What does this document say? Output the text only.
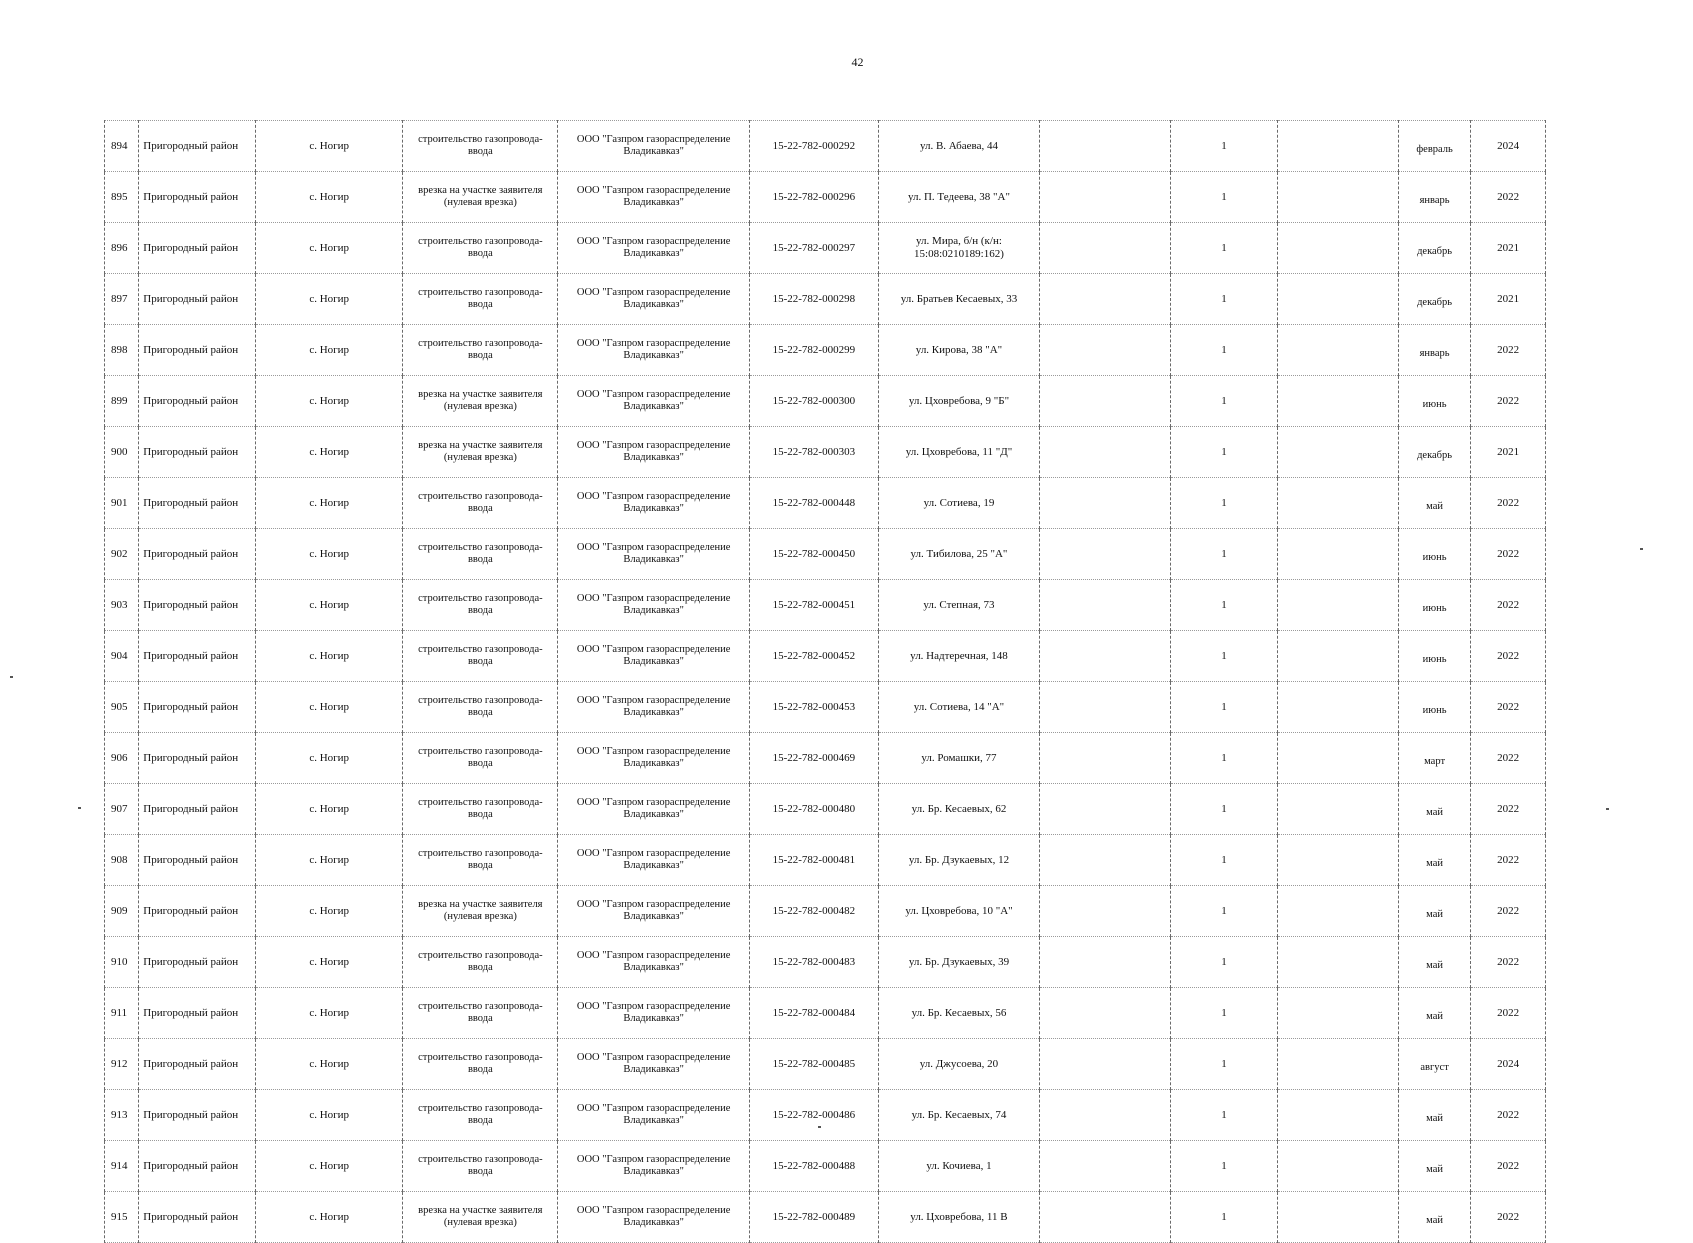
42
894	Пригородный район	с. Ногир	строительство газопровода-ввода	ООО "Газпром газораспределение Владикавказ"	15-22-782-000292	ул. В. Абаева, 44		1		февраль	2024
895	Пригородный район	с. Ногир	врезка на участке заявителя (нулевая врезка)	ООО "Газпром газораспределение Владикавказ"	15-22-782-000296	ул. П. Тедеева, 38 "А"		1		январь	2022
896	Пригородный район	с. Ногир	строительство газопровода-ввода	ООО "Газпром газораспределение Владикавказ"	15-22-782-000297	ул. Мира, б/н (к/н: 15:08:0210189:162)		1		декабрь	2021
897	Пригородный район	с. Ногир	строительство газопровода-ввода	ООО "Газпром газораспределение Владикавказ"	15-22-782-000298	ул. Братьев Кесаевых, 33		1		декабрь	2021
898	Пригородный район	с. Ногир	строительство газопровода-ввода	ООО "Газпром газораспределение Владикавказ"	15-22-782-000299	ул. Кирова, 38 "А"		1		январь	2022
899	Пригородный район	с. Ногир	врезка на участке заявителя (нулевая врезка)	ООО "Газпром газораспределение Владикавказ"	15-22-782-000300	ул. Цховребова, 9 "Б"		1		июнь	2022
900	Пригородный район	с. Ногир	врезка на участке заявителя (нулевая врезка)	ООО "Газпром газораспределение Владикавказ"	15-22-782-000303	ул. Цховребова, 11 "Д"		1		декабрь	2021
901	Пригородный район	с. Ногир	строительство газопровода-ввода	ООО "Газпром газораспределение Владикавказ"	15-22-782-000448	ул. Сотиева, 19		1		май	2022
902	Пригородный район	с. Ногир	строительство газопровода-ввода	ООО "Газпром газораспределение Владикавказ"	15-22-782-000450	ул. Тибилова, 25 "А"		1		июнь	2022
903	Пригородный район	с. Ногир	строительство газопровода-ввода	ООО "Газпром газораспределение Владикавказ"	15-22-782-000451	ул. Степная, 73		1		июнь	2022
904	Пригородный район	с. Ногир	строительство газопровода-ввода	ООО "Газпром газораспределение Владикавказ"	15-22-782-000452	ул. Надтеречная, 148		1		июнь	2022
905	Пригородный район	с. Ногир	строительство газопровода-ввода	ООО "Газпром газораспределение Владикавказ"	15-22-782-000453	ул. Сотиева, 14 "А"		1		июнь	2022
906	Пригородный район	с. Ногир	строительство газопровода-ввода	ООО "Газпром газораспределение Владикавказ"	15-22-782-000469	ул. Ромашки, 77		1		март	2022
907	Пригородный район	с. Ногир	строительство газопровода-ввода	ООО "Газпром газораспределение Владикавказ"	15-22-782-000480	ул. Бр. Кесаевых, 62		1		май	2022
908	Пригородный район	с. Ногир	строительство газопровода-ввода	ООО "Газпром газораспределение Владикавказ"	15-22-782-000481	ул. Бр. Дзукаевых, 12		1		май	2022
909	Пригородный район	с. Ногир	врезка на участке заявителя (нулевая врезка)	ООО "Газпром газораспределение Владикавказ"	15-22-782-000482	ул. Цховребова, 10 "А"		1		май	2022
910	Пригородный район	с. Ногир	строительство газопровода-ввода	ООО "Газпром газораспределение Владикавказ"	15-22-782-000483	ул. Бр. Дзукаевых, 39		1		май	2022
911	Пригородный район	с. Ногир	строительство газопровода-ввода	ООО "Газпром газораспределение Владикавказ"	15-22-782-000484	ул. Бр. Кесаевых, 56		1		май	2022
912	Пригородный район	с. Ногир	строительство газопровода-ввода	ООО "Газпром газораспределение Владикавказ"	15-22-782-000485	ул. Джусоева, 20		1		август	2024
913	Пригородный район	с. Ногир	строительство газопровода-ввода	ООО "Газпром газораспределение Владикавказ"	15-22-782-000486	ул. Бр. Кесаевых, 74		1		май	2022
914	Пригородный район	с. Ногир	строительство газопровода-ввода	ООО "Газпром газораспределение Владикавказ"	15-22-782-000488	ул. Кочиева, 1		1		май	2022
915	Пригородный район	с. Ногир	врезка на участке заявителя (нулевая врезка)	ООО "Газпром газораспределение Владикавказ"	15-22-782-000489	ул. Цховребова, 11 В		1		май	2022
